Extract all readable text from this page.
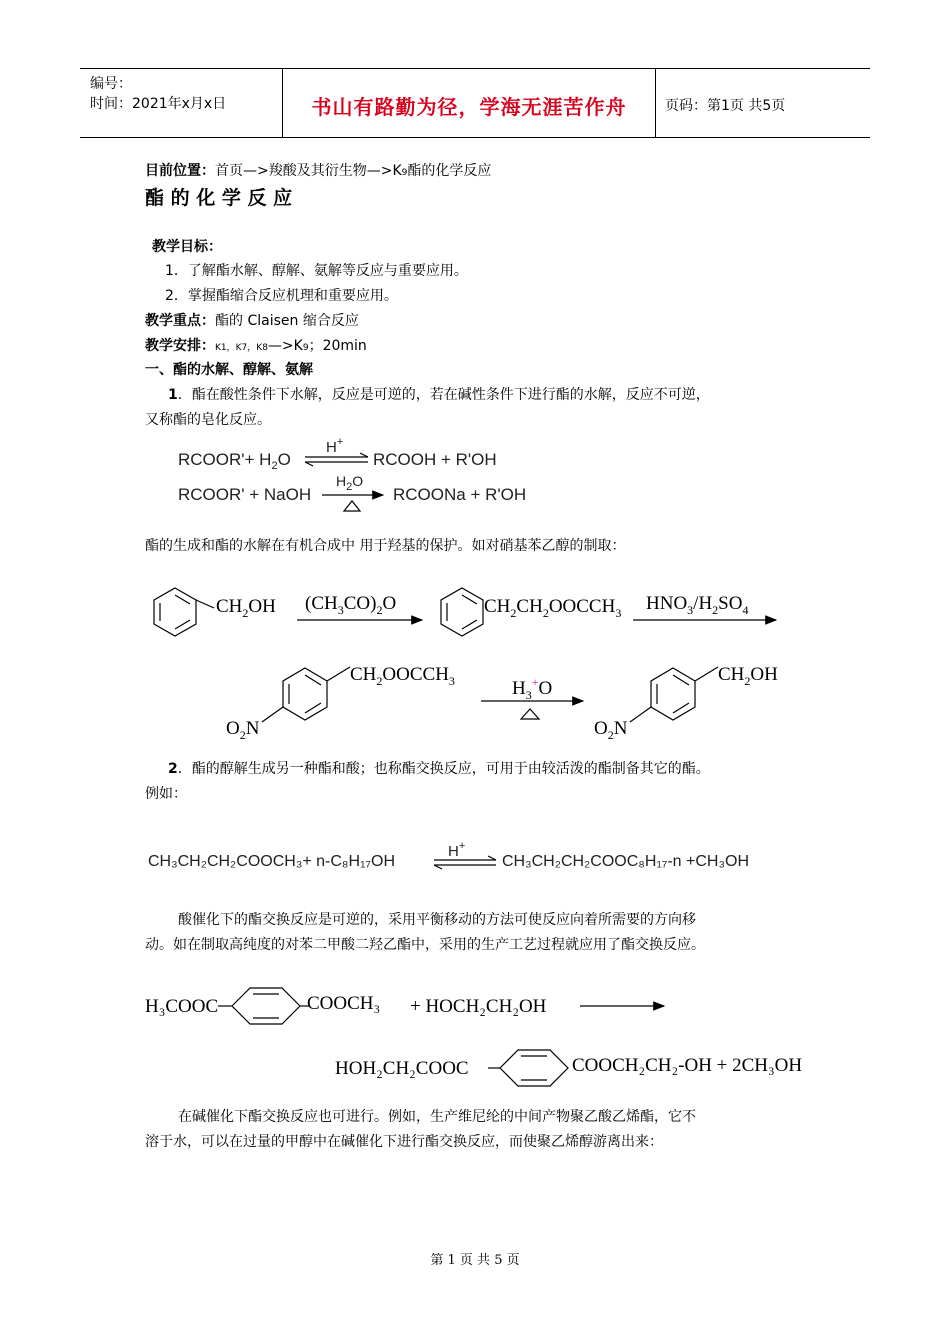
编号：
时间：2021年x月x日	书山有路勤为径，学海无涯苦作舟	页码：第1页 共5页
目前位置：首页—>羧酸及其衍生物—>K9酯的化学反应
酯 的 化 学 反 应
教学目标：
1．了解酯水解、醇解、氨解等反应与重要应用。
2．掌握酯缩合反应机理和重要应用。
教学重点：酯的 Claisen 缩合反应
教学安排：K1，K7，K8—>K9；20min
一、酯的水解、醇解、氨解
1．酯在酸性条件下水解，反应是可逆的，若在碱性条件下进行酯的水解，反应不可逆，
又称酯的皂化反应。
RCOOR'+ $H_2O$
H+
RCOOH + R'OH
RCOOR' + NaOH
$H_2O$
RCOONa + R'OH
酯的生成和酯的水解在有机合成中 用于羟基的保护。如对硝基苯乙醇的制取：
$CH_2OH$ $(CH_3CO)_2O$	$CH_2CH_2OOCCH_3$ $HNO_3/H_2SO_4$
$CH_2OOCCH_3$
$O_2N$
$H_3^+O$
$CH_2OH$
$O_2N$
2．酯的醇解生成另一种酯和酸；也称酯交换反应，可用于由较活泼的酯制备其它的酯。
例如：
CH₃CH₂CH₂COOCH₃+ n-C₈H₁₇OH
H+
CH₃CH₂CH₂COOC₈H₁₇-n +CH₃OH
酸催化下的酯交换反应是可逆的，采用平衡移动的方法可使反应向着所需要的方向移
动。如在制取高纯度的对苯二甲酸二羟乙酯中，采用的生产工艺过程就应用了酯交换反应。
H₃COOC	COOCH₃ + HOCH₂CH₂OH
HOH₂CH₂COOC	COOCH₂CH₂-OH + 2CH₃OH
在碱催化下酯交换反应也可进行。例如，生产维尼纶的中间产物聚乙酸乙烯酯，它不
溶于水，可以在过量的甲醇中在碱催化下进行酯交换反应，而使聚乙烯醇游离出来：
第 1 页 共 5 页
